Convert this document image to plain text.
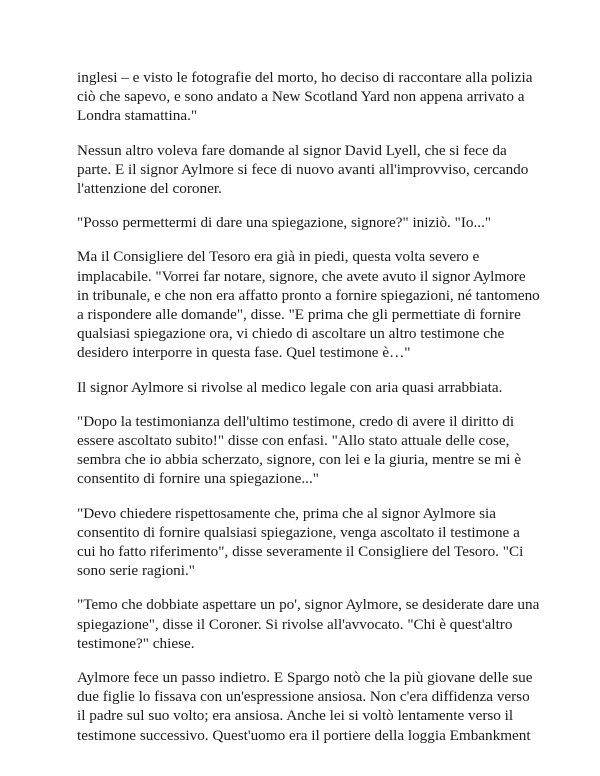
inglesi – e visto le fotografie del morto, ho deciso di raccontare alla polizia
ciò che sapevo, e sono andato a New Scotland Yard non appena arrivato a
Londra stamattina."

Nessun altro voleva fare domande al signor David Lyell, che si fece da
parte. E il signor Aylmore si fece di nuovo avanti all'improvviso, cercando
l'attenzione del coroner.

"Posso permettermi di dare una spiegazione, signore?" iniziò. "Io..."

Ma il Consigliere del Tesoro era già in piedi, questa volta severo e
implacabile. "Vorrei far notare, signore, che avete avuto il signor Aylmore
in tribunale, e che non era affatto pronto a fornire spiegazioni, né tantomeno
a rispondere alle domande", disse. "E prima che gli permettiate di fornire
qualsiasi spiegazione ora, vi chiedo di ascoltare un altro testimone che
desidero interporre in questa fase. Quel testimone è…"

Il signor Aylmore si rivolse al medico legale con aria quasi arrabbiata.

"Dopo la testimonianza dell'ultimo testimone, credo di avere il diritto di
essere ascoltato subito!" disse con enfasi. "Allo stato attuale delle cose,
sembra che io abbia scherzato, signore, con lei e la giuria, mentre se mi è
consentito di fornire una spiegazione..."

"Devo chiedere rispettosamente che, prima che al signor Aylmore sia
consentito di fornire qualsiasi spiegazione, venga ascoltato il testimone a
cui ho fatto riferimento", disse severamente il Consigliere del Tesoro. "Ci
sono serie ragioni."

"Temo che dobbiate aspettare un po', signor Aylmore, se desiderate dare una
spiegazione", disse il Coroner. Si rivolse all'avvocato. "Chi è quest'altro
testimone?" chiese.

Aylmore fece un passo indietro. E Spargo notò che la più giovane delle sue
due figlie lo fissava con un'espressione ansiosa. Non c'era diffidenza verso
il padre sul suo volto; era ansiosa. Anche lei si voltò lentamente verso il
testimone successivo. Quest'uomo era il portiere della loggia Embankment
